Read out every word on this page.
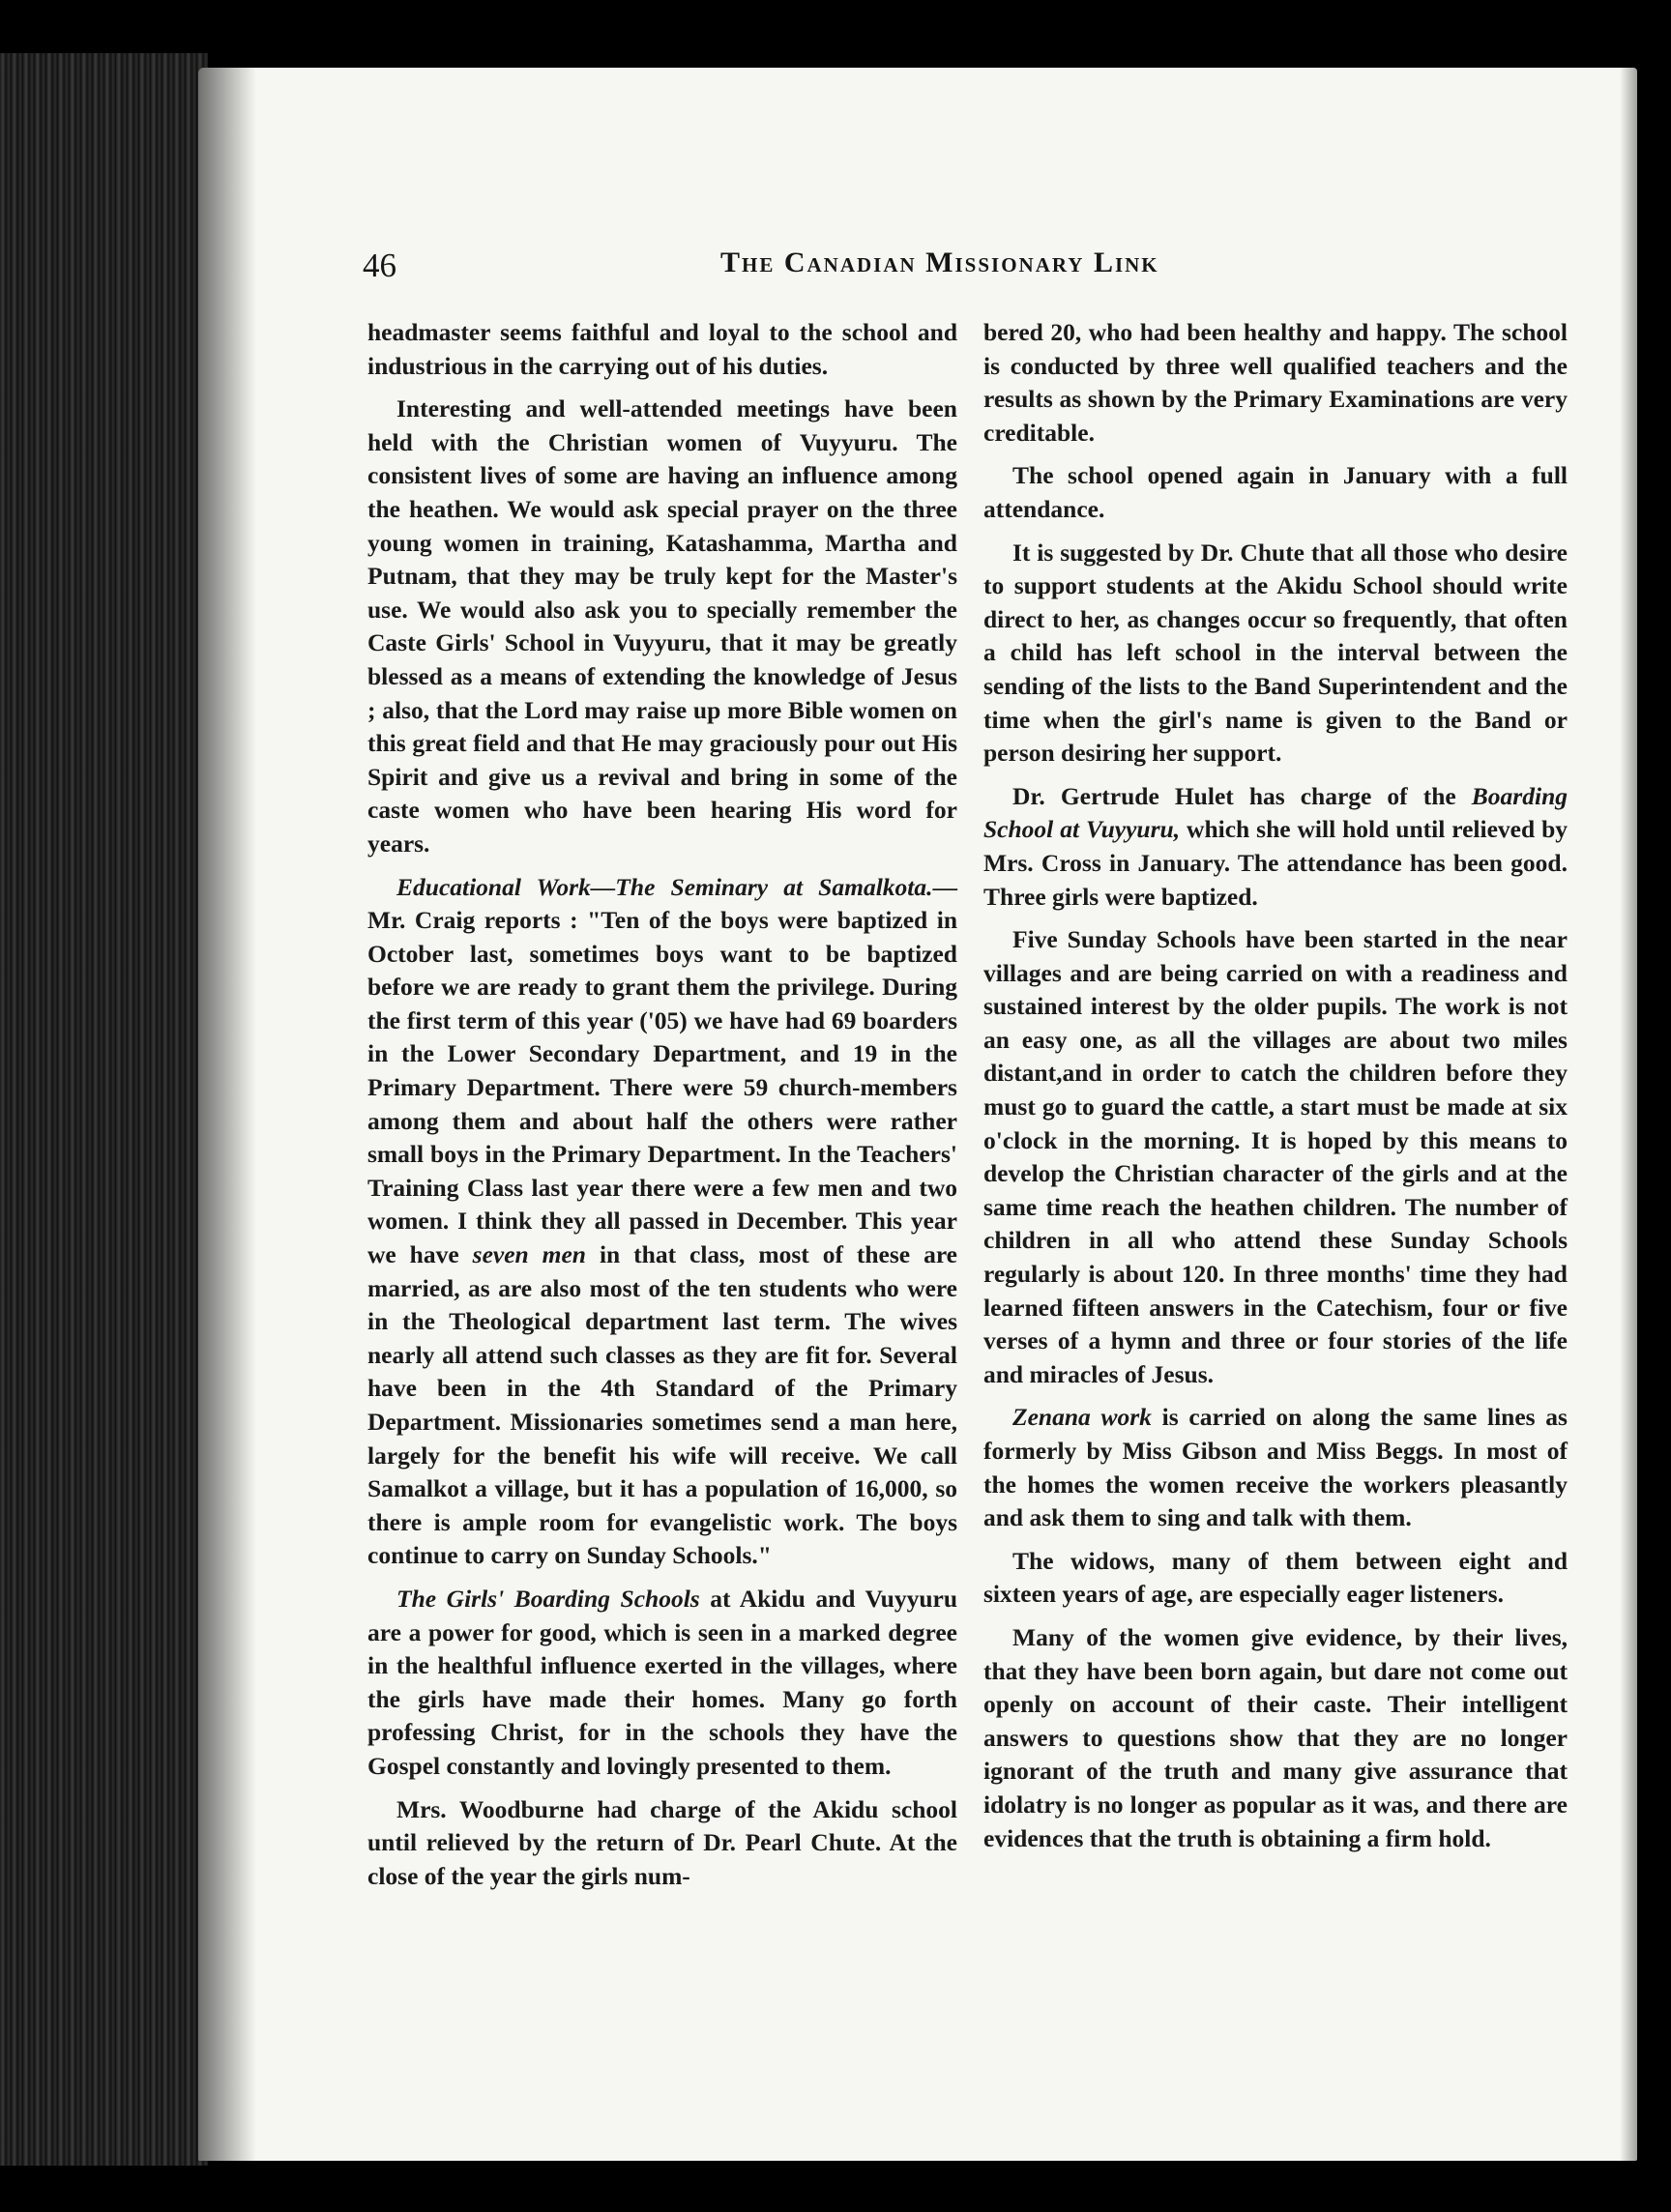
46	The Canadian Missionary Link

headmaster seems faithful and loyal to the school and industrious in the carrying out of his duties.

Interesting and well-attended meetings have been held with the Christian women of Vuyyuru. The consistent lives of some are having an influence among the heathen. We would ask special prayer on the three young women in training, Katashamma, Martha and Putnam, that they may be truly kept for the Master's use. We would also ask you to specially remember the Caste Girls' School in Vuyyuru, that it may be greatly blessed as a means of extending the knowledge of Jesus ; also, that the Lord may raise up more Bible women on this great field and that He may graciously pour out His Spirit and give us a revival and bring in some of the caste women who have been hearing His word for years.

Educational Work—The Seminary at Samalkota.—Mr. Craig reports : "Ten of the boys were baptized in October last, sometimes boys want to be baptized before we are ready to grant them the privilege. During the first term of this year ('05) we have had 69 boarders in the Lower Secondary Department, and 19 in the Primary Department. There were 59 church-members among them and about half the others were rather small boys in the Primary Department. In the Teachers' Training Class last year there were a few men and two women. I think they all passed in December. This year we have seven men in that class, most of these are married, as are also most of the ten students who were in the Theological department last term. The wives nearly all attend such classes as they are fit for. Several have been in the 4th Standard of the Primary Department. Missionaries sometimes send a man here, largely for the benefit his wife will receive. We call Samalkot a village, but it has a population of 16,000, so there is ample room for evangelistic work. The boys continue to carry on Sunday Schools."

The Girls' Boarding Schools at Akidu and Vuyyuru are a power for good, which is seen in a marked degree in the healthful influence exerted in the villages, where the girls have made their homes. Many go forth professing Christ, for in the schools they have the Gospel constantly and lovingly presented to them.

Mrs. Woodburne had charge of the Akidu school until relieved by the return of Dr. Pearl Chute. At the close of the year the girls num-

bered 20, who had been healthy and happy. The school is conducted by three well qualified teachers and the results as shown by the Primary Examinations are very creditable.

The school opened again in January with a full attendance.

It is suggested by Dr. Chute that all those who desire to support students at the Akidu School should write direct to her, as changes occur so frequently, that often a child has left school in the interval between the sending of the lists to the Band Superintendent and the time when the girl's name is given to the Band or person desiring her support.

Dr. Gertrude Hulet has charge of the Boarding School at Vuyyuru, which she will hold until relieved by Mrs. Cross in January. The attendance has been good. Three girls were baptized.

Five Sunday Schools have been started in the near villages and are being carried on with a readiness and sustained interest by the older pupils. The work is not an easy one, as all the villages are about two miles distant,and in order to catch the children before they must go to guard the cattle, a start must be made at six o'clock in the morning. It is hoped by this means to develop the Christian character of the girls and at the same time reach the heathen children. The number of children in all who attend these Sunday Schools regularly is about 120. In three months' time they had learned fifteen answers in the Catechism, four or five verses of a hymn and three or four stories of the life and miracles of Jesus.

Zenana work is carried on along the same lines as formerly by Miss Gibson and Miss Beggs. In most of the homes the women receive the workers pleasantly and ask them to sing and talk with them.

The widows, many of them between eight and sixteen years of age, are especially eager listeners.

Many of the women give evidence, by their lives, that they have been born again, but dare not come out openly on account of their caste. Their intelligent answers to questions show that they are no longer ignorant of the truth and many give assurance that idolatry is no longer as popular as it was, and there are evidences that the truth is obtaining a firm hold.
